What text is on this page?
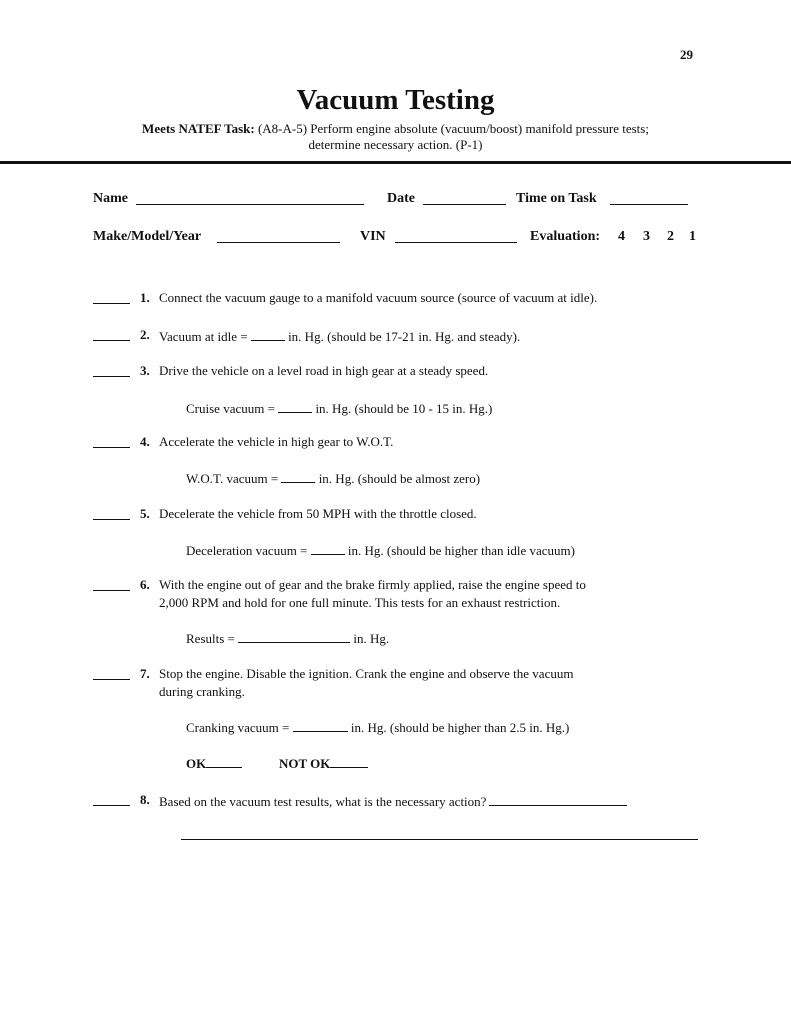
29
Vacuum Testing
Meets NATEF Task: (A8-A-5) Perform engine absolute (vacuum/boost) manifold pressure tests;
determine necessary action. (P-1)
Name	Date	Time on Task
Make/Model/Year	VIN	Evaluation: 4 3 2 1
1. Connect the vacuum gauge to a manifold vacuum source (source of vacuum at idle).
2. Vacuum at idle =	in. Hg. (should be 17-21 in. Hg. and steady).
3. Drive the vehicle on a level road in high gear at a steady speed.
Cruise vacuum =	in. Hg. (should be 10 - 15 in. Hg.)
4. Accelerate the vehicle in high gear to W.O.T.
W.O.T. vacuum =	in. Hg. (should be almost zero)
5. Decelerate the vehicle from 50 MPH with the throttle closed.
Deceleration vacuum =	in. Hg. (should be higher than idle vacuum)
6. With the engine out of gear and the brake firmly applied, raise the engine speed to
2,000 RPM and hold for one full minute. This tests for an exhaust restriction.
Results =	in. Hg.
7. Stop the engine. Disable the ignition. Crank the engine and observe the vacuum
during cranking.
Cranking vacuum =	in. Hg. (should be higher than 2.5 in. Hg.)
OK	NOT OK
8. Based on the vacuum test results, what is the necessary action?
